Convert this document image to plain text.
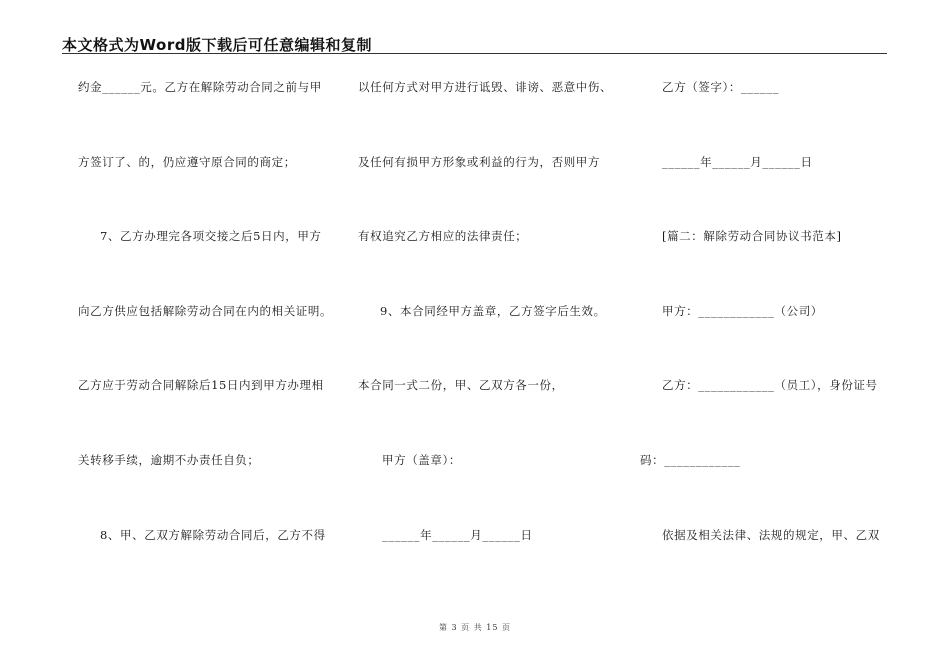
本文格式为Word版下载后可任意编辑和复制
约金______元。乙方在解除劳动合同之前与甲
方签订了、的，仍应遵守原合同的商定；
7、乙方办理完各项交接之后5日内，甲方
向乙方供应包括解除劳动合同在内的相关证明。
乙方应于劳动合同解除后15日内到甲方办理相
关转移手续，逾期不办责任自负；
8、甲、乙双方解除劳动合同后，乙方不得
以任何方式对甲方进行诋毁、诽谤、恶意中伤、
及任何有损甲方形象或利益的行为，否则甲方
有权追究乙方相应的法律责任；
9、本合同经甲方盖章，乙方签字后生效。
本合同一式二份，甲、乙双方各一份，
甲方（盖章）：
______年______月______日
乙方（签字）：______
______年______月______日
[篇二：解除劳动合同协议书范本]
甲方：____________（公司）
乙方：____________（员工），身份证号
码：____________
依据及相关法律、法规的规定，甲、乙双
第 3 页 共 15 页
